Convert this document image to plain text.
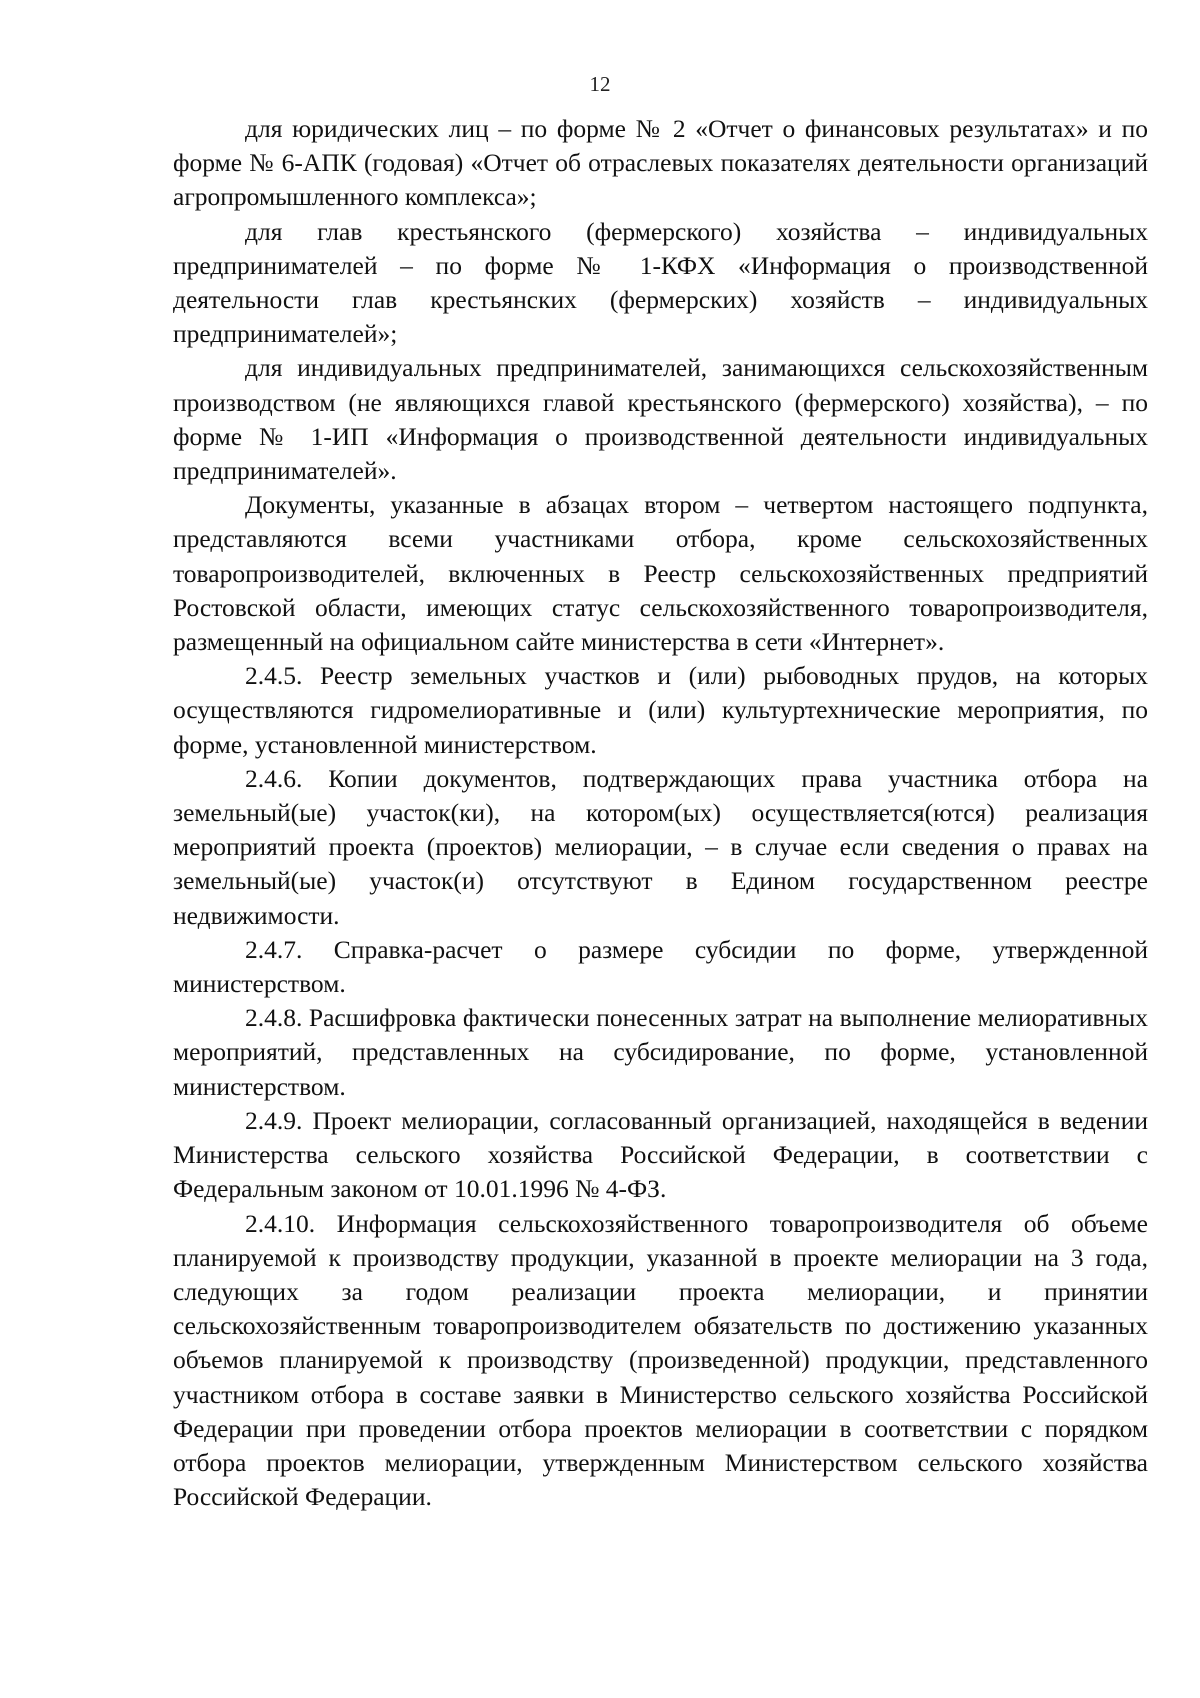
12

для юридических лиц – по форме № 2 «Отчет о финансовых результатах» и по форме № 6-АПК (годовая) «Отчет об отраслевых показателях деятельности организаций агропромышленного комплекса»;

для глав крестьянского (фермерского) хозяйства – индивидуальных предпринимателей – по форме № 1-КФХ «Информация о производственной деятельности глав крестьянских (фермерских) хозяйств – индивидуальных предпринимателей»;

для индивидуальных предпринимателей, занимающихся сельскохозяйственным производством (не являющихся главой крестьянского (фермерского) хозяйства), – по форме № 1-ИП «Информация о производственной деятельности индивидуальных предпринимателей».

Документы, указанные в абзацах втором – четвертом настоящего подпункта, представляются всеми участниками отбора, кроме сельскохозяйственных товаропроизводителей, включенных в Реестр сельскохозяйственных предприятий Ростовской области, имеющих статус сельскохозяйственного товаропроизводителя, размещенный на официальном сайте министерства в сети «Интернет».

2.4.5. Реестр земельных участков и (или) рыбоводных прудов, на которых осуществляются гидромелиоративные и (или) культуртехнические мероприятия, по форме, установленной министерством.

2.4.6. Копии документов, подтверждающих права участника отбора на земельный(ые) участок(ки), на котором(ых) осуществляется(ются) реализация мероприятий проекта (проектов) мелиорации, – в случае если сведения о правах на земельный(ые) участок(и) отсутствуют в Едином государственном реестре недвижимости.

2.4.7. Справка-расчет о размере субсидии по форме, утвержденной министерством.

2.4.8. Расшифровка фактически понесенных затрат на выполнение мелиоративных мероприятий, представленных на субсидирование, по форме, установленной министерством.

2.4.9. Проект мелиорации, согласованный организацией, находящейся в ведении Министерства сельского хозяйства Российской Федерации, в соответствии с Федеральным законом от 10.01.1996 № 4-ФЗ.

2.4.10. Информация сельскохозяйственного товаропроизводителя об объеме планируемой к производству продукции, указанной в проекте мелиорации на 3 года, следующих за годом реализации проекта мелиорации, и принятии сельскохозяйственным товаропроизводителем обязательств по достижению указанных объемов планируемой к производству (произведенной) продукции, представленного участником отбора в составе заявки в Министерство сельского хозяйства Российской Федерации при проведении отбора проектов мелиорации в соответствии с порядком отбора проектов мелиорации, утвержденным Министерством сельского хозяйства Российской Федерации.
